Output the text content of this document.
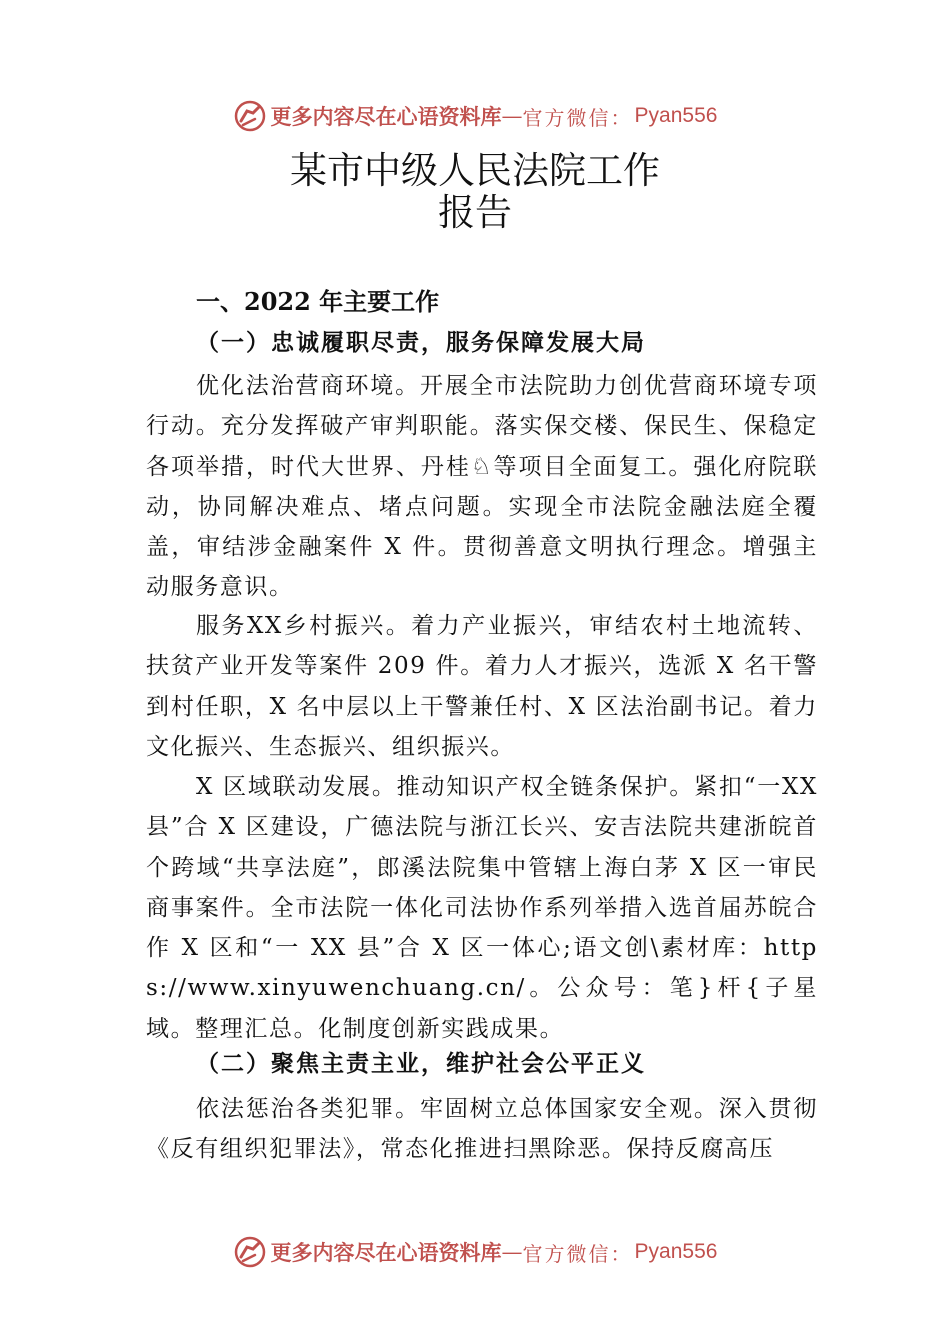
更多内容尽在心语资料库 — 官方微信： Pyan556
某市中级人民法院工作报告
一、2022 年主要工作
（一）忠诚履职尽责，服务保障发展大局
优化法治营商环境。开展全市法院助力创优营商环境专项行动。充分发挥破产审判职能。落实保交楼、保民生、保稳定各项举措，时代大世界、丹桂♘等项目全面复工。强化府院联动，协同解决难点、堵点问题。实现全市法院金融法庭全覆盖，审结涉金融案件 X 件。贯彻善意文明执行理念。增强主动服务意识。
服务XX乡村振兴。着力产业振兴，审结农村土地流转、扶贫产业开发等案件 209 件。着力人才振兴，选派 X 名干警到村任职，X 名中层以上干警兼任村、X 区法治副书记。着力文化振兴、生态振兴、组织振兴。
X 区域联动发展。推动知识产权全链条保护。紧扣“一XX 县”合 X 区建设，广德法院与浙江长兴、安吉法院共建浙皖首个跨域“共享法庭”，郎溪法院集中管辖上海白茅 X 区一审民商事案件。全市法院一体化司法协作系列举措入选首届苏皖合作 X 区和“一 XX 县”合 X 区一体心;语文创\素材库：https://www.xinyuwenchuang.cn/。公众号：笔}杆{子星域。整理汇总。化制度创新实践成果。
（二）聚焦主责主业，维护社会公平正义
依法惩治各类犯罪。牢固树立总体国家安全观。深入贯彻《反有组织犯罪法》，常态化推进扫黑除恶。保持反腐高压
更多内容尽在心语资料库 — 官方微信： Pyan556
